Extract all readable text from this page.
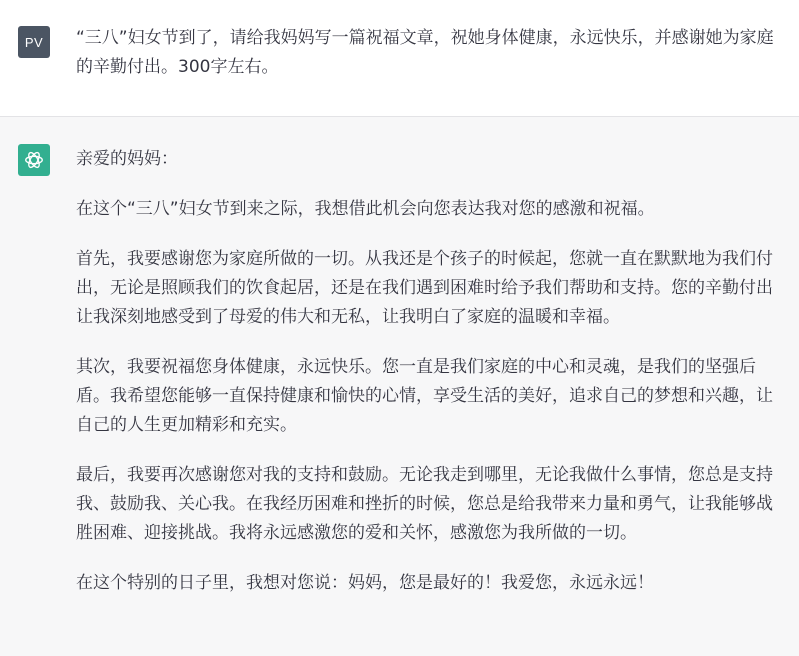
PV “三八”妇女节到了，请给我妈妈写一篇祝福文章，祝她身体健康，永远快乐，并感谢她为家庭的辛勤付出。300字左右。

亲爱的妈妈：

在这个“三八”妇女节到来之际，我想借此机会向您表达我对您的感激和祝福。

首先，我要感谢您为家庭所做的一切。从我还是个孩子的时候起，您就一直在默默地为我们付出，无论是照顾我们的饮食起居，还是在我们遇到困难时给予我们帮助和支持。您的辛勤付出让我深刻地感受到了母爱的伟大和无私，让我明白了家庭的温暖和幸福。

其次，我要祝福您身体健康，永远快乐。您一直是我们家庭的中心和灵魂，是我们的坚强后盾。我希望您能够一直保持健康和愉快的心情，享受生活的美好，追求自己的梦想和兴趣，让自己的人生更加精彩和充实。

最后，我要再次感谢您对我的支持和鼓励。无论我走到哪里，无论我做什么事情，您总是支持我、鼓励我、关心我。在我经历困难和挫折的时候，您总是给我带来力量和勇气，让我能够战胜困难、迎接挑战。我将永远感激您的爱和关怀，感激您为我所做的一切。

在这个特别的日子里，我想对您说：妈妈，您是最好的！我爱您，永远永远！
